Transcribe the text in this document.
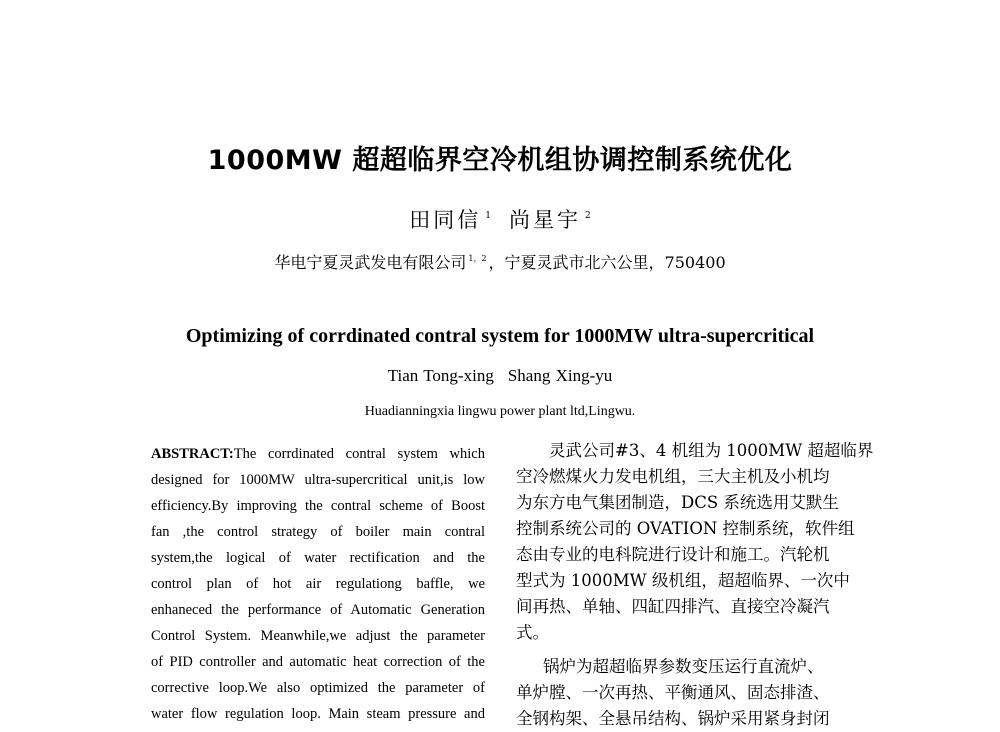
1000MW 超超临界空冷机组协调控制系统优化
田同信 $^1$ 尚星宇 $^2$
华电宁夏灵武发电有限公司 $^{1,2}$ ，宁夏灵武市北六公里，750400
Optimizing of corrdinated contral system for 1000MW ultra-supercritical
Tian Tong-xing Shang Xing-yu
Huadianningxia lingwu power plant ltd,Lingwu.
ABSTRACT:The corrdinated contral system which
designed for 1000MW ultra-supercritical unit,is low
efficiency.By improving the contral scheme of Boost
fan ,the control strategy of boiler main contral
system,the logical of water rectification and the
control plan of hot air regulationg baffle, we
enhaneced the performance of Automatic Generation
Control System. Meanwhile,we adjust the parameter
of PID controller and automatic heat correction of the
corrective loop.We also optimized the parameter of
water flow regulation loop. Main steam pressure and
灵武公司#3、4 机组为 1000MW 超超临界
空冷燃煤火力发电机组，三大主机及小机均
为东方电气集团制造，DCS 系统选用艾默生
控制系统公司的 OVATION 控制系统，软件组
态由专业的电科院进行设计和施工。汽轮机
型式为 1000MW 级机组，超超临界、一次中
间再热、单轴、四缸四排汽、直接空冷凝汽
式。
锅炉为超超临界参数变压运行直流炉、
单炉膛、一次再热、平衡通风、固态排渣、
全钢构架、全悬吊结构、锅炉采用紧身封闭
